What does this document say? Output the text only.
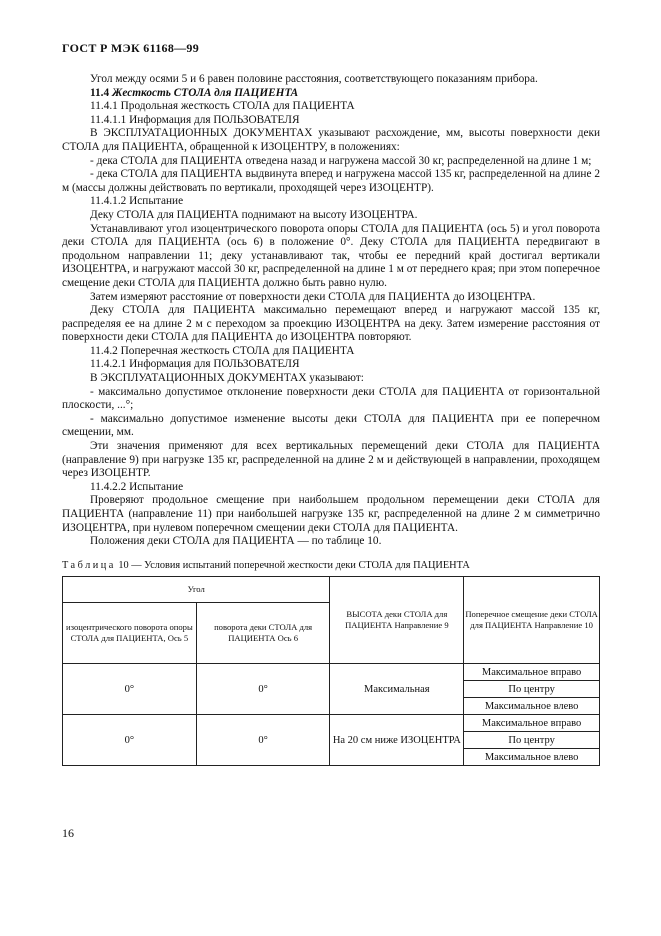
ГОСТ Р МЭК 61168—99

Угол между осями 5 и 6 равен половине расстояния, соответствующего показаниям прибора.

11.4 Жесткость СТОЛА для ПАЦИЕНТА

11.4.1 Продольная жесткость СТОЛА для ПАЦИЕНТА

11.4.1.1 Информация для ПОЛЬЗОВАТЕЛЯ

В ЭКСПЛУАТАЦИОННЫХ ДОКУМЕНТАХ указывают расхождение, мм, высоты поверхности деки СТОЛА для ПАЦИЕНТА, обращенной к ИЗОЦЕНТРУ, в положениях:

- дека СТОЛА для ПАЦИЕНТА отведена назад и нагружена массой 30 кг, распределенной на длине 1 м;

- дека СТОЛА для ПАЦИЕНТА выдвинута вперед и нагружена массой 135 кг, распределенной на длине 2 м (массы должны действовать по вертикали, проходящей через ИЗОЦЕНТР).

11.4.1.2 Испытание

Деку СТОЛА для ПАЦИЕНТА поднимают на высоту ИЗОЦЕНТРА.

Устанавливают угол изоцентрического поворота опоры СТОЛА для ПАЦИЕНТА (ось 5) и угол поворота деки СТОЛА для ПАЦИЕНТА (ось 6) в положение 0°. Деку СТОЛА для ПАЦИЕНТА передвигают в продольном направлении 11; деку устанавливают так, чтобы ее передний край достигал вертикали ИЗОЦЕНТРА, и нагружают массой 30 кг, распределенной на длине 1 м от переднего края; при этом поперечное смещение деки СТОЛА для ПАЦИЕНТА должно быть равно нулю.

Затем измеряют расстояние от поверхности деки СТОЛА для ПАЦИЕНТА до ИЗОЦЕНТРА.

Деку СТОЛА для ПАЦИЕНТА максимально перемещают вперед и нагружают массой 135 кг, распределяя ее на длине 2 м с переходом за проекцию ИЗОЦЕНТРА на деку. Затем измерение расстояния от поверхности деки СТОЛА для ПАЦИЕНТА до ИЗОЦЕНТРА повторяют.

11.4.2 Поперечная жесткость СТОЛА для ПАЦИЕНТА

11.4.2.1 Информация для ПОЛЬЗОВАТЕЛЯ

В ЭКСПЛУАТАЦИОННЫХ ДОКУМЕНТАХ указывают:

- максимально допустимое отклонение поверхности деки СТОЛА для ПАЦИЕНТА от горизонтальной плоскости, ...°;

- максимально допустимое изменение высоты деки СТОЛА для ПАЦИЕНТА при ее поперечном смещении, мм.

Эти значения применяют для всех вертикальных перемещений деки СТОЛА для ПАЦИЕНТА (направление 9) при нагрузке 135 кг, распределенной на длине 2 м и действующей в направлении, проходящем через ИЗОЦЕНТР.

11.4.2.2 Испытание

Проверяют продольное смещение при наибольшем продольном перемещении деки СТОЛА для ПАЦИЕНТА (направление 11) при наибольшей нагрузке 135 кг, распределенной на длине 2 м симметрично ИЗОЦЕНТРА, при нулевом поперечном смещении деки СТОЛА для ПАЦИЕНТА.

Положения деки СТОЛА для ПАЦИЕНТА — по таблице 10.

Таблица 10 — Условия испытаний поперечной жесткости деки СТОЛА для ПАЦИЕНТА
Угол		ВЫСОТА деки СТОЛА для ПАЦИЕНТА Направление 9	Поперечное смещение деки СТОЛА для ПАЦИЕНТА Направление 10
изоцентрического поворота опоры СТОЛА для ПАЦИЕНТА, Ось 5	поворота деки СТОЛА для ПАЦИЕНТА Ось 6		
0°	0°	Максимальная	Максимальное вправо
			По центру
			Максимальное влево
0°	0°	На 20 см ниже ИЗОЦЕНТРА	Максимальное вправо
			По центру
			Максимальное влево
16
